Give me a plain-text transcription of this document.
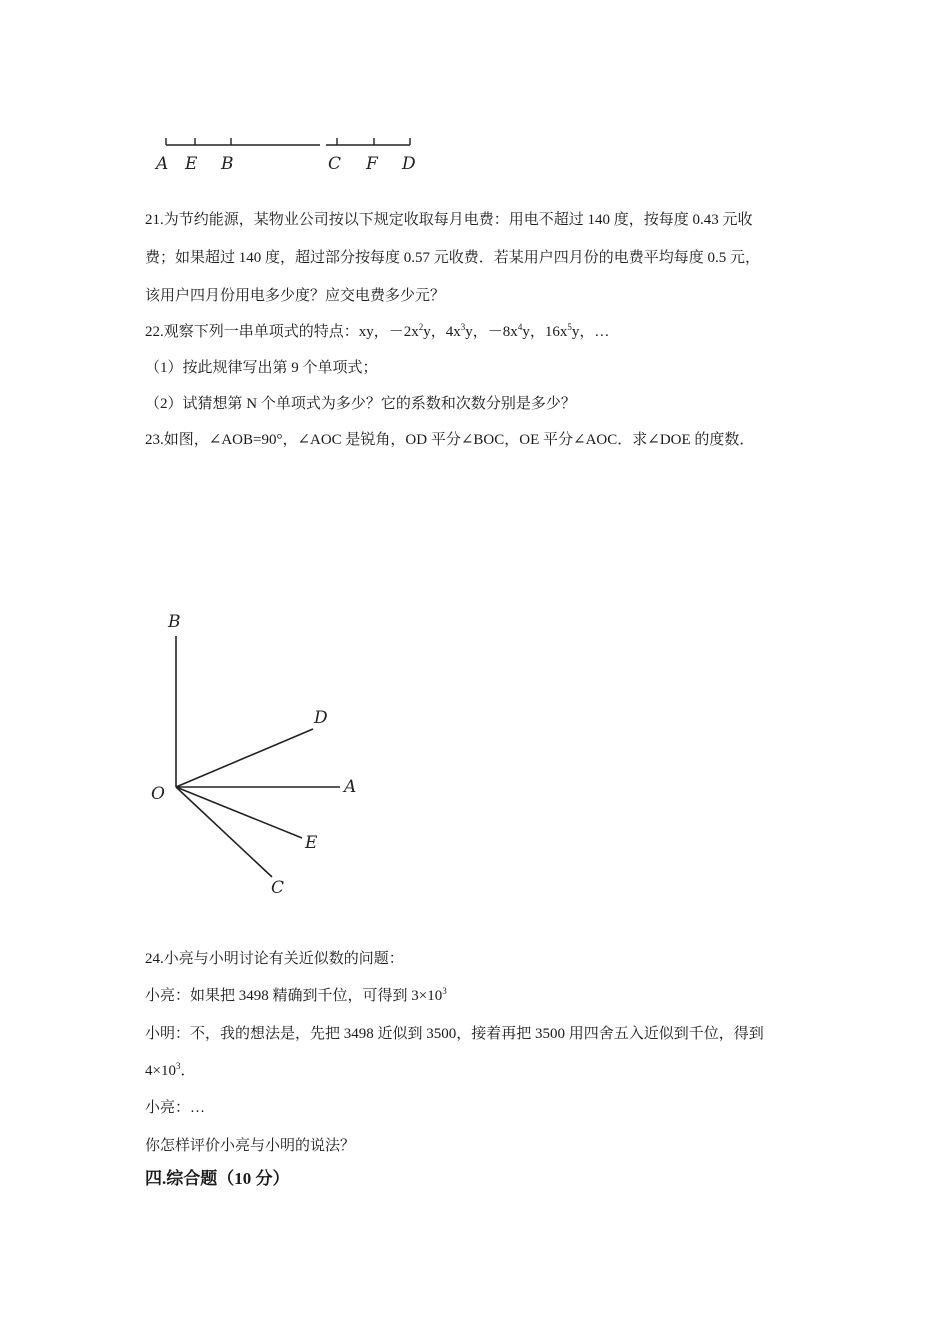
A E B	C F D
B
D
O	A
E
C
21.为节约能源，某物业公司按以下规定收取每月电费：用电不超过 140 度，按每度 0.43 元收
费；如果超过 140 度，超过部分按每度 0.57 元收费．若某用户四月份的电费平均每度 0.5 元，
该用户四月份用电多少度？应交电费多少元？
22.观察下列一串单项式的特点：xy，$-2x^2y$，$4x^3y$，$-8x^4y$，$16x^5y$，…
（1）按此规律写出第 9 个单项式；
（2）试猜想第 N 个单项式为多少？它的系数和次数分别是多少？
23.如图，∠AOB=90°，∠AOC 是锐角，OD 平分∠BOC，OE 平分∠AOC．求∠DOE 的度数．
24.小亮与小明讨论有关近似数的问题：
小亮：如果把 3498 精确到千位，可得到 $3\times 10^3$
小明：不，我的想法是，先把 3498 近似到 3500，接着再把 3500 用四舍五入近似到千位，得到
$4\times 10^3$．
小亮：…
你怎样评价小亮与小明的说法？
四.综合题（10 分）
